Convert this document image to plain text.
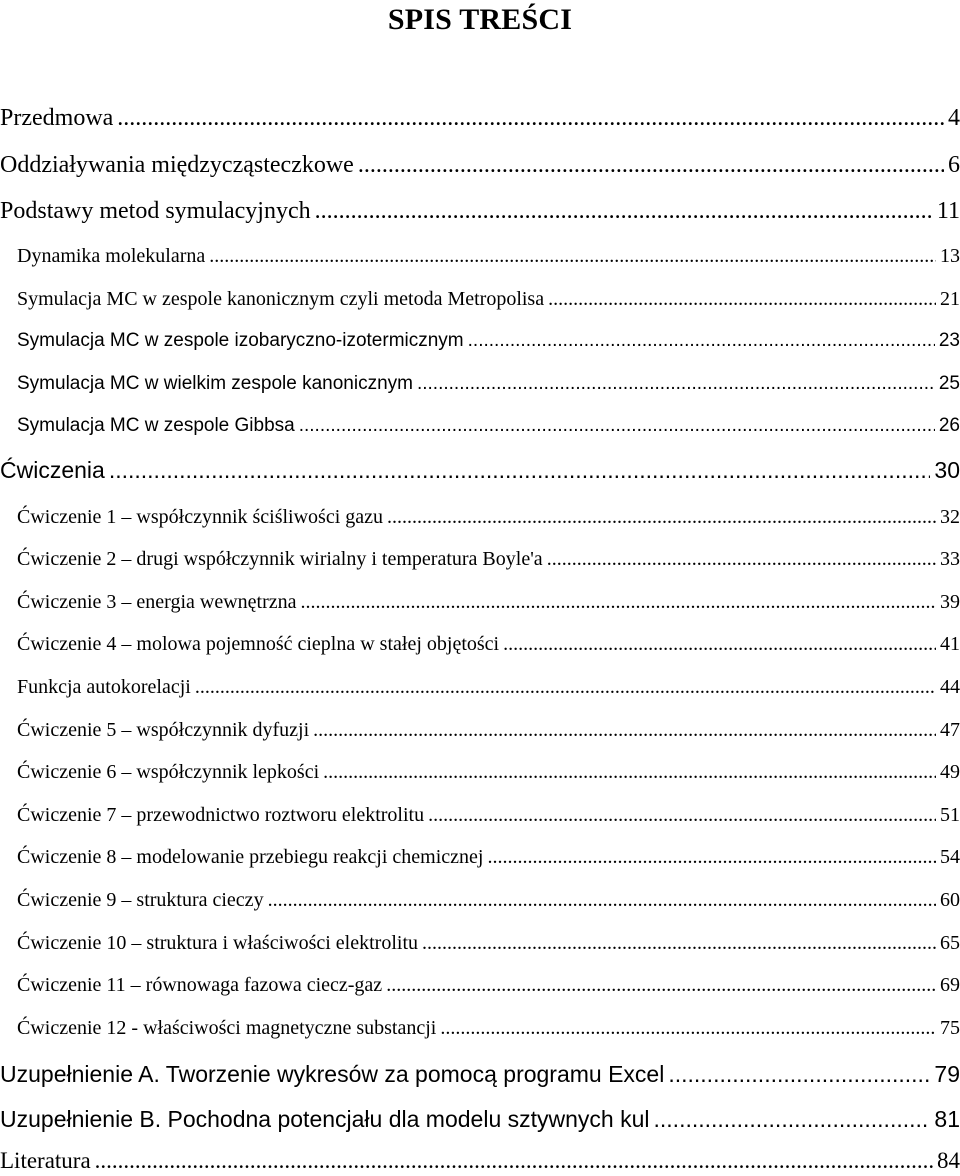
SPIS TREŚCI
Przedmowa .....	4
Oddziaływania międzycząsteczkowe .....	6
Podstawy metod symulacyjnych .....	11
Dynamika molekularna .....	13
Symulacja MC w zespole kanonicznym czyli metoda Metropolisa .....	21
Symulacja MC w zespole izobaryczno-izotermicznym .....	23
Symulacja MC w wielkim zespole kanonicznym .....	25
Symulacja MC w zespole Gibbsa .....	26
Ćwiczenia .....	30
Ćwiczenie 1 – współczynnik ściśliwości gazu .....	32
Ćwiczenie 2 – drugi współczynnik wirialny i temperatura Boyle'a .....	33
Ćwiczenie 3 – energia wewnętrzna .....	39
Ćwiczenie 4 – molowa pojemność cieplna w stałej objętości .....	41
Funkcja autokorelacji .....	44
Ćwiczenie 5 – współczynnik dyfuzji .....	47
Ćwiczenie 6 – współczynnik lepkości .....	49
Ćwiczenie 7 – przewodnictwo roztworu elektrolitu .....	51
Ćwiczenie 8 – modelowanie przebiegu reakcji chemicznej .....	54
Ćwiczenie 9 – struktura cieczy .....	60
Ćwiczenie 10 – struktura i właściwości elektrolitu .....	65
Ćwiczenie 11 – równowaga fazowa ciecz-gaz .....	69
Ćwiczenie 12 - właściwości magnetyczne substancji .....	75
Uzupełnienie A. Tworzenie wykresów za pomocą programu Excel .....	79
Uzupełnienie B. Pochodna potencjału dla modelu sztywnych kul .....	81
Literatura .....	84
